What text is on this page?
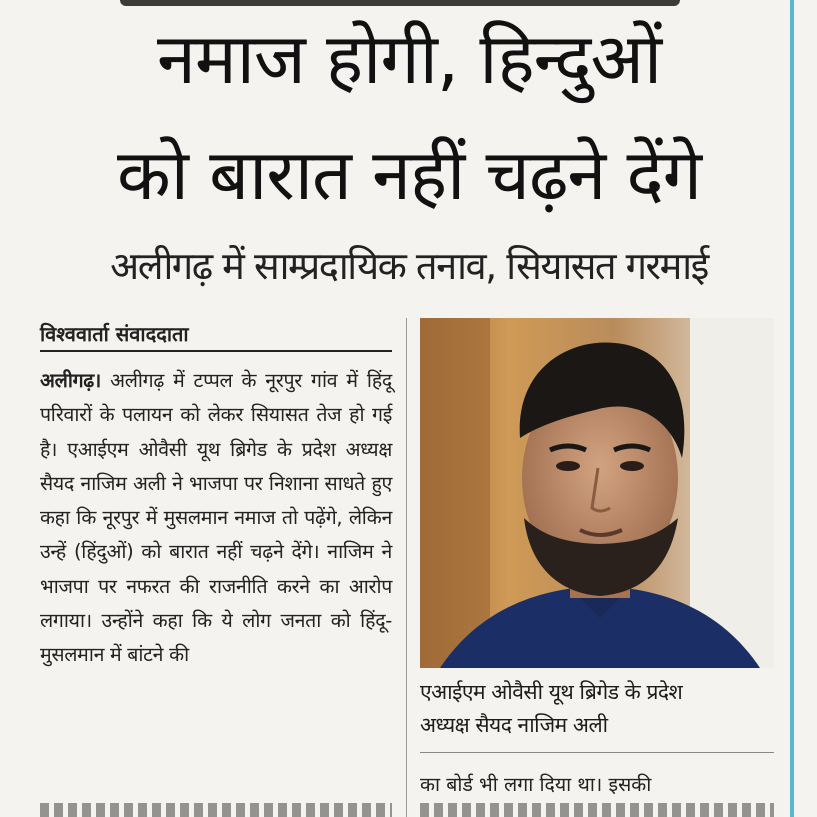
नमाज होगी, हिन्दुओं
को बारात नहीं चढ़ने देंगे
अलीगढ़ में साम्प्रदायिक तनाव, सियासत गरमाई
विश्ववार्ता संवाददाता
अलीगढ़। अलीगढ़ में टप्पल के नूरपुर गांव में हिंदू परिवारों के पलायन को लेकर सियासत तेज हो गई है। एआईएम ओवैसी यूथ ब्रिगेड के प्रदेश अध्यक्ष सैयद नाजिम अली ने भाजपा पर निशाना साधते हुए कहा कि नूरपुर में मुसलमान नमाज तो पढ़ेंगे, लेकिन उन्हें (हिंदुओं) को बारात नहीं चढ़ने देंगे। नाजिम ने भाजपा पर नफरत की राजनीति करने का आरोप लगाया। उन्होंने कहा कि ये लोग जनता को हिंदू-मुसलमान में बांटने की
एआईएम ओवैसी यूथ ब्रिगेड के प्रदेश
अध्यक्ष सैयद नाजिम अली
का बोर्ड भी लगा दिया था। इसकी
